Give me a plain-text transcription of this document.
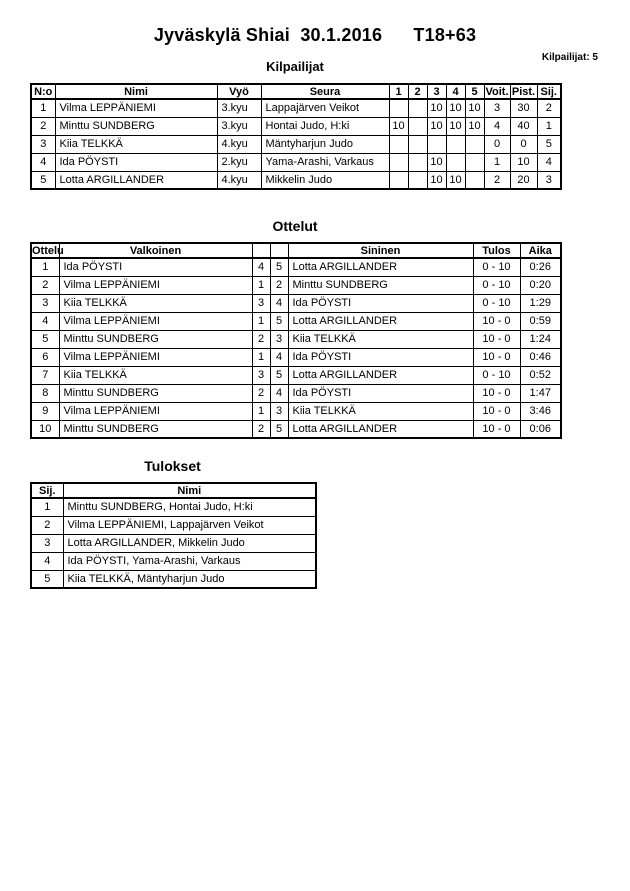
Jyväskylä Shiai  30.1.2016      T18+63
Kilpailijat: 5
Kilpailijat
N:o	Nimi	Vyö	Seura	1	2	3	4	5	Voit.	Pist.	Sij.
1	Vilma LEPPÄNIEMI	3.kyu	Lappajärven Veikot			10	10	10	3	30	2
2	Minttu SUNDBERG	3.kyu	Hontai Judo, H:ki	10		10	10	10	4	40	1
3	Kiia TELKKÄ	4.kyu	Mäntyharjun Judo						0	0	5
4	Ida PÖYSTI	2.kyu	Yama-Arashi, Varkaus			10			1	10	4
5	Lotta ARGILLANDER	4.kyu	Mikkelin Judo			10	10		2	20	3
Ottelut
Ottelu	Valkoinen			Sininen	Tulos	Aika
1	Ida PÖYSTI	4	5	Lotta ARGILLANDER	0 - 10	0:26
2	Vilma LEPPÄNIEMI	1	2	Minttu SUNDBERG	0 - 10	0:20
3	Kiia TELKKÄ	3	4	Ida PÖYSTI	0 - 10	1:29
4	Vilma LEPPÄNIEMI	1	5	Lotta ARGILLANDER	10 - 0	0:59
5	Minttu SUNDBERG	2	3	Kiia TELKKÄ	10 - 0	1:24
6	Vilma LEPPÄNIEMI	1	4	Ida PÖYSTI	10 - 0	0:46
7	Kiia TELKKÄ	3	5	Lotta ARGILLANDER	0 - 10	0:52
8	Minttu SUNDBERG	2	4	Ida PÖYSTI	10 - 0	1:47
9	Vilma LEPPÄNIEMI	1	3	Kiia TELKKÄ	10 - 0	3:46
10	Minttu SUNDBERG	2	5	Lotta ARGILLANDER	10 - 0	0:06
Tulokset
Sij.	Nimi
1	Minttu SUNDBERG, Hontai Judo, H:ki
2	Vilma LEPPÄNIEMI, Lappajärven Veikot
3	Lotta ARGILLANDER, Mikkelin Judo
4	Ida PÖYSTI, Yama-Arashi, Varkaus
5	Kiia TELKKÄ, Mäntyharjun Judo
